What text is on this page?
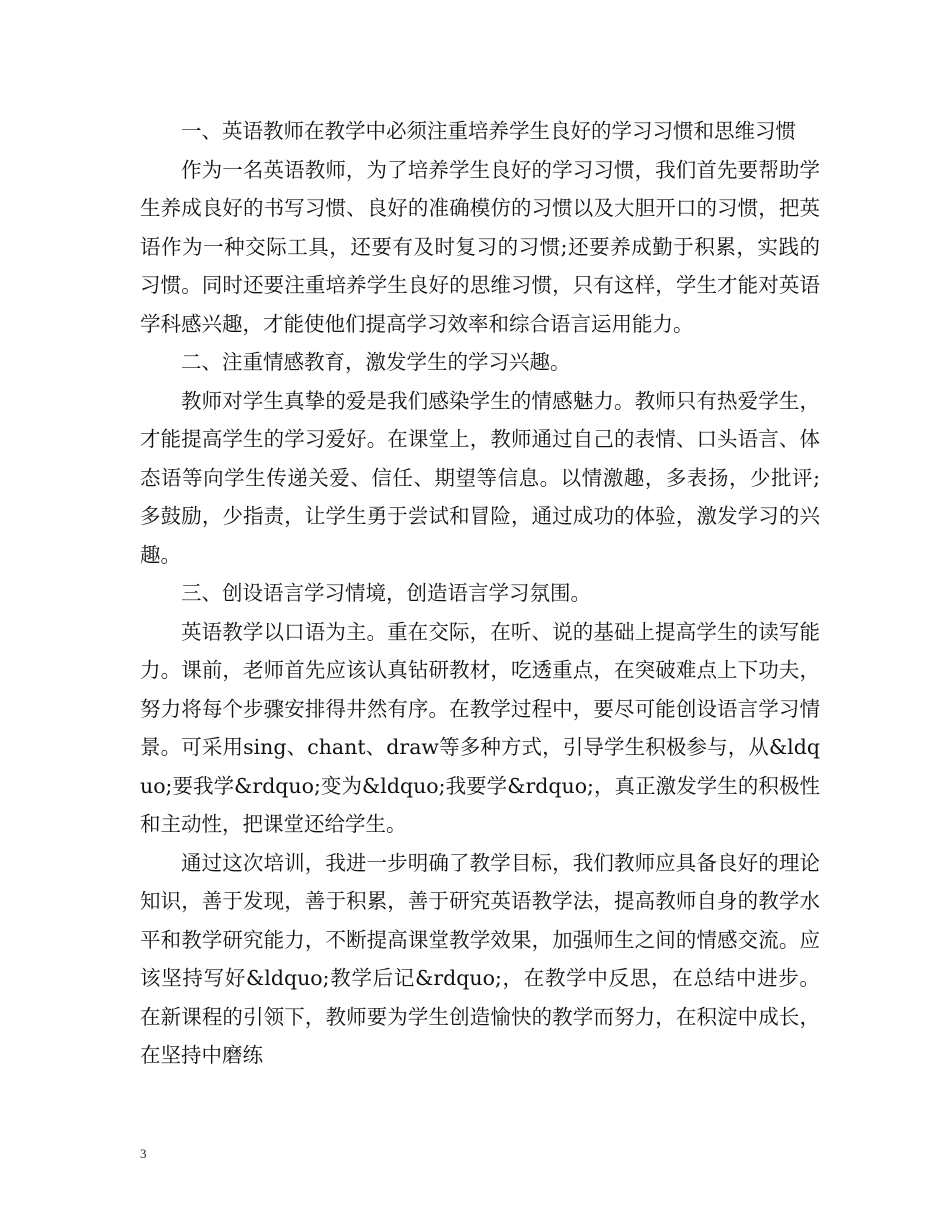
一、英语教师在教学中必须注重培养学生良好的学习习惯和思维习惯

作为一名英语教师，为了培养学生良好的学习习惯，我们首先要帮助学生养成良好的书写习惯、良好的准确模仿的习惯以及大胆开口的习惯，把英语作为一种交际工具，还要有及时复习的习惯;还要养成勤于积累，实践的习惯。同时还要注重培养学生良好的思维习惯，只有这样，学生才能对英语学科感兴趣，才能使他们提高学习效率和综合语言运用能力。

二、注重情感教育，激发学生的学习兴趣。

教师对学生真挚的爱是我们感染学生的情感魅力。教师只有热爱学生，才能提高学生的学习爱好。在课堂上，教师通过自己的表情、口头语言、体态语等向学生传递关爱、信任、期望等信息。以情激趣，多表扬，少批评;多鼓励，少指责，让学生勇于尝试和冒险，通过成功的体验，激发学习的兴趣。

三、创设语言学习情境，创造语言学习氛围。

英语教学以口语为主。重在交际，在听、说的基础上提高学生的读写能力。课前，老师首先应该认真钻研教材，吃透重点，在突破难点上下功夫，努力将每个步骤安排得井然有序。在教学过程中，要尽可能创设语言学习情景。可采用sing、chant、draw等多种方式，引导学生积极参与，从&ldquo;要我学&rdquo;变为&ldquo;我要学&rdquo;，真正激发学生的积极性和主动性，把课堂还给学生。

通过这次培训，我进一步明确了教学目标，我们教师应具备良好的理论知识，善于发现，善于积累，善于研究英语教学法，提高教师自身的教学水平和教学研究能力，不断提高课堂教学效果，加强师生之间的情感交流。应该坚持写好&ldquo;教学后记&rdquo;，在教学中反思，在总结中进步。在新课程的引领下，教师要为学生创造愉快的教学而努力，在积淀中成长，在坚持中磨练

3
